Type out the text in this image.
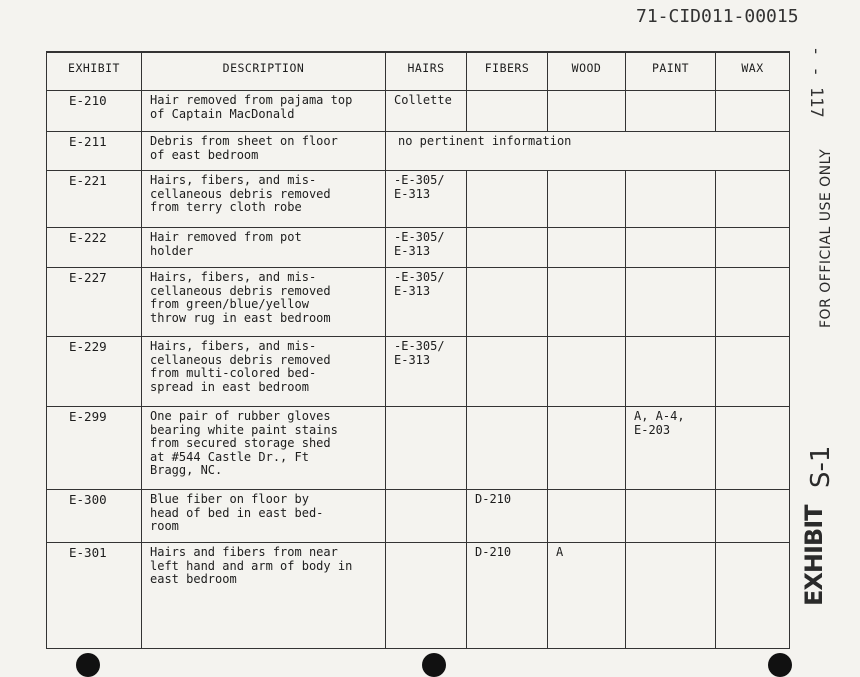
71-CID011-00015
EXHIBIT	DESCRIPTION	HAIRS	FIBERS	WOOD	PAINT	WAX
E-210	Hair removed from pajama top
of Captain MacDonald	Collette				
E-211	Debris from sheet on floor
of east bedroom	no pertinent information				
E-221	Hairs, fibers, and mis-
cellaneous debris removed
from terry cloth robe	-E-305/
E-313				
E-222	Hair removed from pot
holder	-E-305/
E-313				
E-227	Hairs, fibers, and mis-
cellaneous debris removed
from green/blue/yellow
throw rug in east bedroom	-E-305/
E-313				
E-229	Hairs, fibers, and mis-
cellaneous debris removed
from multi-colored bed-
spread in east bedroom	-E-305/
E-313				
E-299	One pair of rubber gloves
bearing white paint stains
from secured storage shed
at #544 Castle Dr., Ft
Bragg, NC.				A, A-4,
E-203	
E-300	Blue fiber on floor by
head of bed in east bed-
room		D-210			
E-301	Hairs and fibers from near
left hand and arm of body in
east bedroom		D-210	A		
- - 117
FOR OFFICIAL USE ONLY
S-1
EXHIBIT
